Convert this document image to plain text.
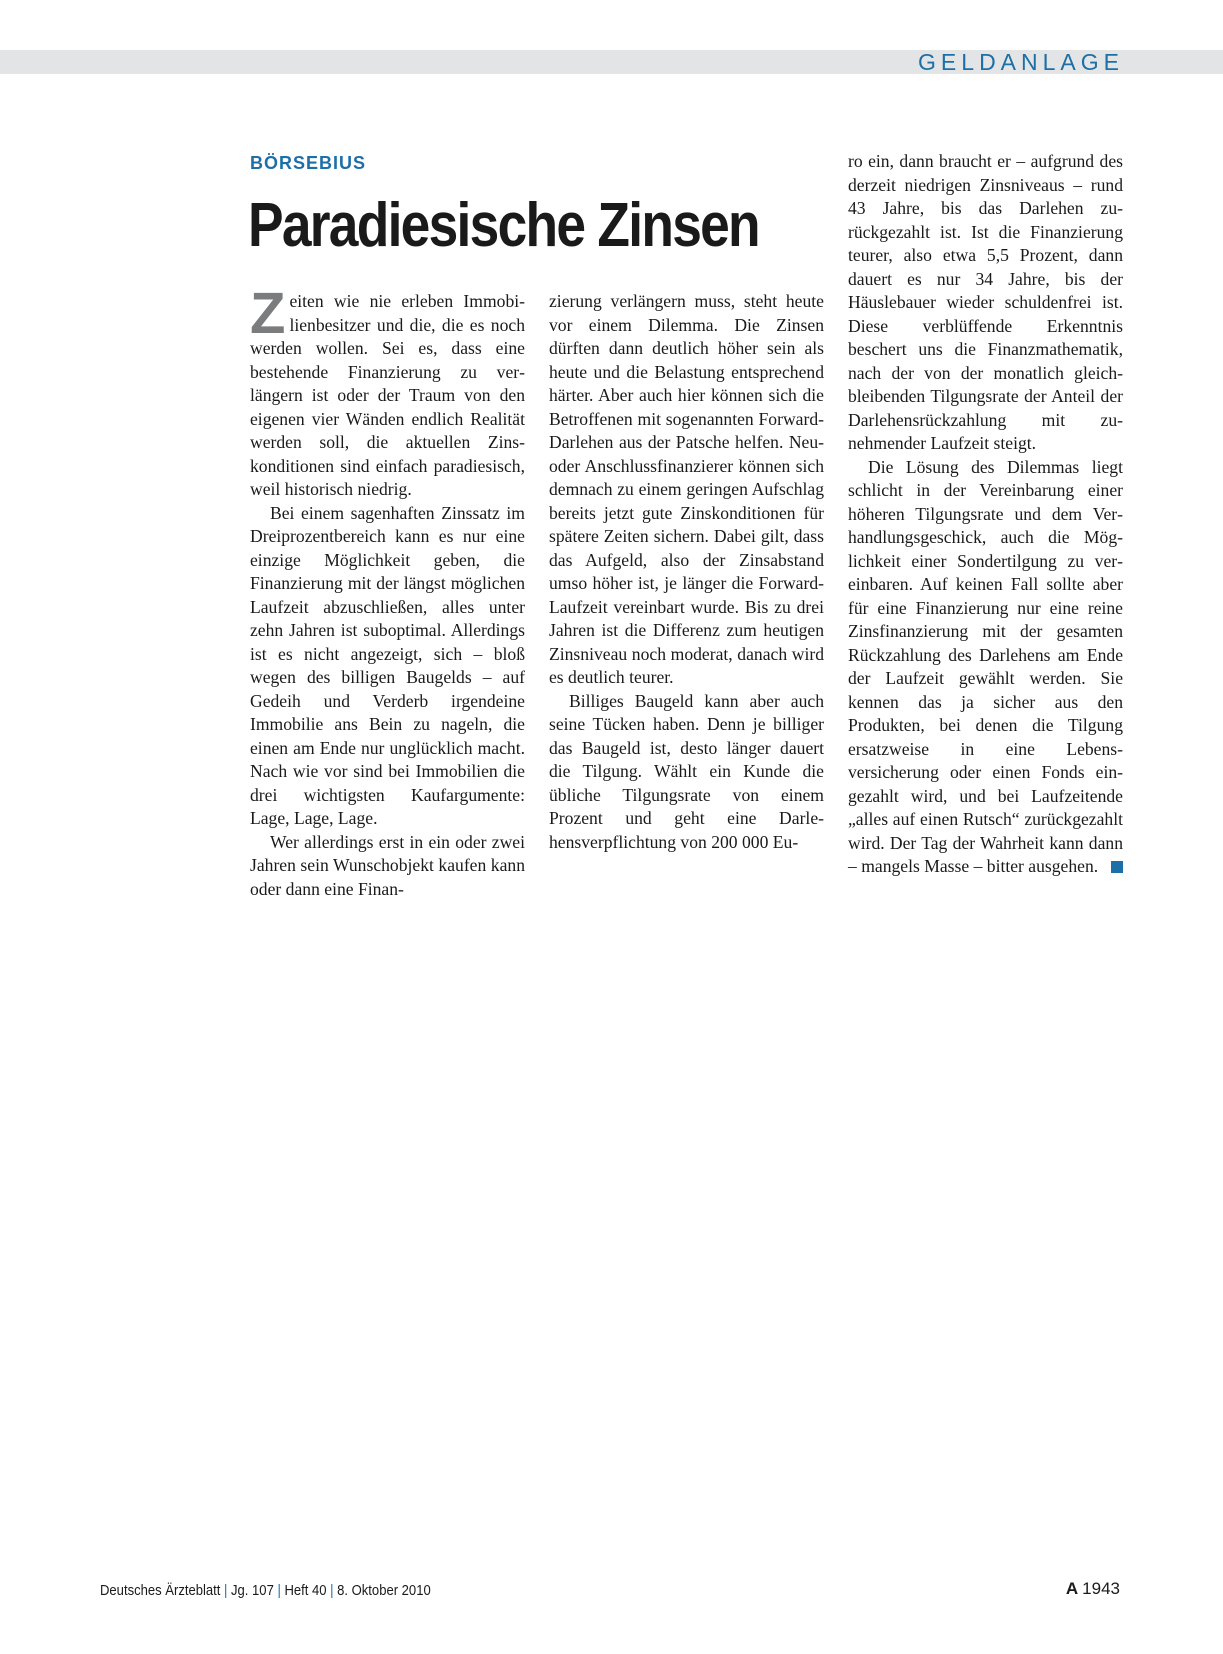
GELDANLAGE
BÖRSEBIUS
Paradiesische Zinsen

Zeiten wie nie erleben Immobilienbesitzer und die, die es noch werden wollen. Sei es, dass eine bestehende Finanzierung zu verlängern ist oder der Traum von den eigenen vier Wänden endlich Realität werden soll, die aktuellen Zinskonditionen sind einfach paradiesisch, weil historisch niedrig.

Bei einem sagenhaften Zinssatz im Dreiprozentbereich kann es nur eine einzige Möglichkeit geben, die Finanzierung mit der längst möglichen Laufzeit abzuschließen, alles unter zehn Jahren ist suboptimal. Allerdings ist es nicht angezeigt, sich – bloß wegen des billigen Baugelds – auf Gedeih und Verderb irgendeine Immobilie ans Bein zu nageln, die einen am Ende nur unglücklich macht. Nach wie vor sind bei Immobilien die drei wichtigsten Kaufargumente: Lage, Lage, Lage.

Wer allerdings erst in ein oder zwei Jahren sein Wunschobjekt kaufen kann oder dann eine Finan-

zierung verlängern muss, steht heute vor einem Dilemma. Die Zinsen dürften dann deutlich höher sein als heute und die Belastung entsprechend härter. Aber auch hier können sich die Betroffenen mit sogenannten Forward-Darlehen aus der Patsche helfen. Neu- oder Anschlussfinanzierer können sich demnach zu einem geringen Aufschlag bereits jetzt gute Zinskonditionen für spätere Zeiten sichern. Dabei gilt, dass das Aufgeld, also der Zinsabstand umso höher ist, je länger die Forward-Laufzeit vereinbart wurde. Bis zu drei Jahren ist die Differenz zum heutigen Zinsniveau noch moderat, danach wird es deutlich teurer.

Billiges Baugeld kann aber auch seine Tücken haben. Denn je billiger das Baugeld ist, desto länger dauert die Tilgung. Wählt ein Kunde die übliche Tilgungsrate von einem Prozent und geht eine Darlehensverpflichtung von 200 000 Eu-

ro ein, dann braucht er – aufgrund des derzeit niedrigen Zinsniveaus – rund 43 Jahre, bis das Darlehen zurückgezahlt ist. Ist die Finanzierung teurer, also etwa 5,5 Prozent, dann dauert es nur 34 Jahre, bis der Häuslebauer wieder schuldenfrei ist. Diese verblüffende Erkenntnis beschert uns die Finanzmathematik, nach der von der monatlich gleichbleibenden Tilgungsrate der Anteil der Darlehensrückzahlung mit zunehmender Laufzeit steigt.

Die Lösung des Dilemmas liegt schlicht in der Vereinbarung einer höheren Tilgungsrate und dem Verhandlungsgeschick, auch die Möglichkeit einer Sondertilgung zu vereinbaren. Auf keinen Fall sollte aber für eine Finanzierung nur eine reine Zinsfinanzierung mit der gesamten Rückzahlung des Darlehens am Ende der Laufzeit gewählt werden. Sie kennen das ja sicher aus den Produkten, bei denen die Tilgung ersatzweise in eine Lebensversicherung oder einen Fonds eingezahlt wird, und bei Laufzeitende „alles auf einen Rutsch“ zurückgezahlt wird. Der Tag der Wahrheit kann dann – mangels Masse – bitter ausgehen.

Deutsches Ärzteblatt | Jg. 107 | Heft 40 | 8. Oktober 2010	A 1943
